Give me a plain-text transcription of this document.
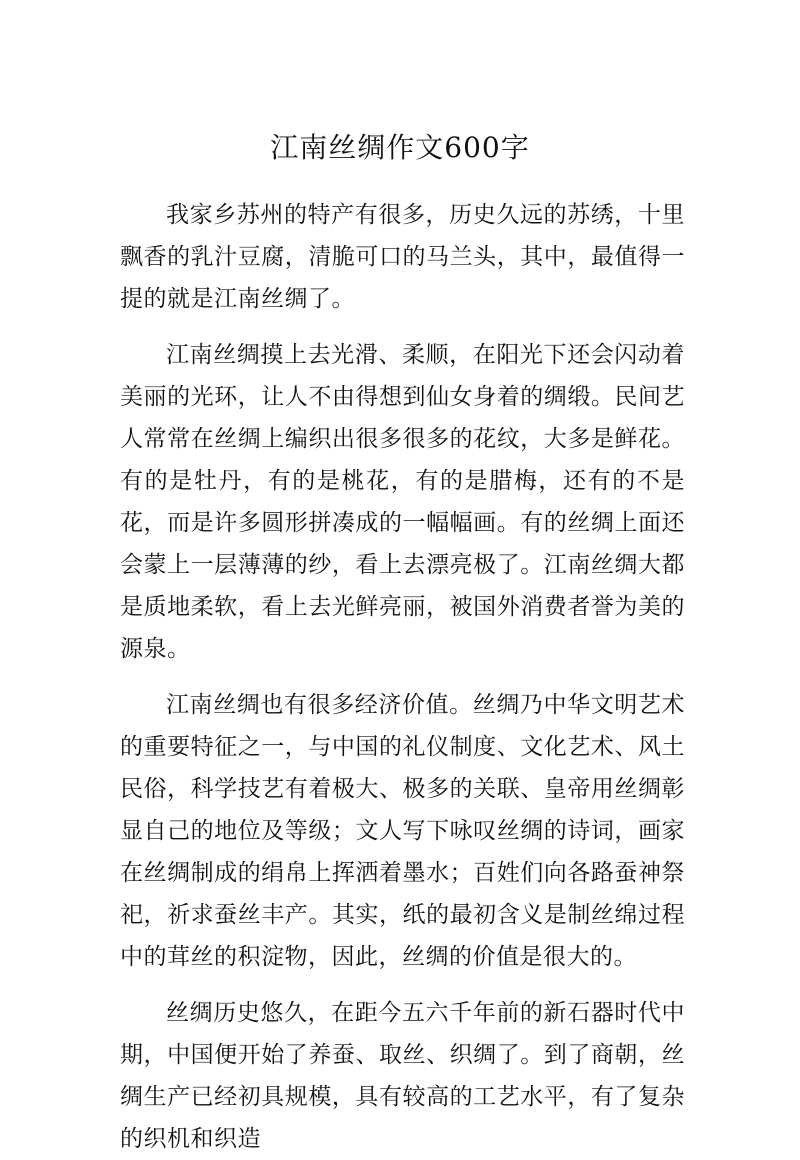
江南丝绸作文600字

我家乡苏州的特产有很多，历史久远的苏绣，十里飘香的乳汁豆腐，清脆可口的马兰头，其中，最值得一提的就是江南丝绸了。

江南丝绸摸上去光滑、柔顺，在阳光下还会闪动着美丽的光环，让人不由得想到仙女身着的绸缎。民间艺人常常在丝绸上编织出很多很多的花纹，大多是鲜花。有的是牡丹，有的是桃花，有的是腊梅，还有的不是花，而是许多圆形拼凑成的一幅幅画。有的丝绸上面还会蒙上一层薄薄的纱，看上去漂亮极了。江南丝绸大都是质地柔软，看上去光鲜亮丽，被国外消费者誉为美的源泉。

江南丝绸也有很多经济价值。丝绸乃中华文明艺术的重要特征之一，与中国的礼仪制度、文化艺术、风土民俗，科学技艺有着极大、极多的关联、皇帝用丝绸彰显自己的地位及等级；文人写下咏叹丝绸的诗词，画家在丝绸制成的绢帛上挥洒着墨水；百姓们向各路蚕神祭祀，祈求蚕丝丰产。其实，纸的最初含义是制丝绵过程中的茸丝的积淀物，因此，丝绸的价值是很大的。

丝绸历史悠久，在距今五六千年前的新石器时代中期，中国便开始了养蚕、取丝、织绸了。到了商朝，丝绸生产已经初具规模，具有较高的工艺水平，有了复杂的织机和织造
